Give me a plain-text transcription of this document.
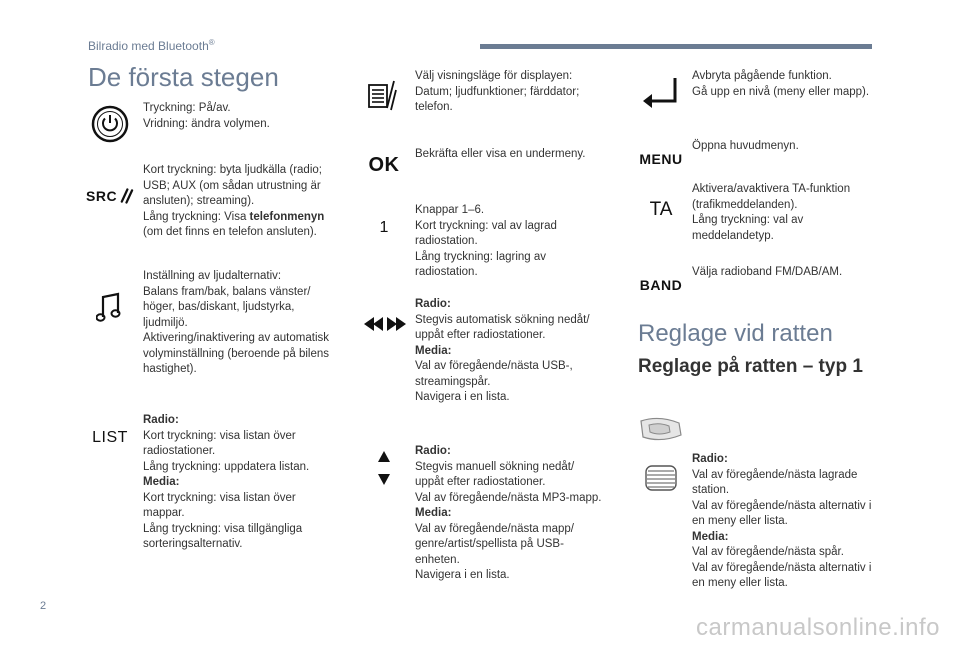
Bilradio med Bluetooth®
De första stegen
Tryckning: På/av.
Vridning: ändra volymen.
SRC
Kort tryckning: byta ljudkälla (radio;
USB; AUX (om sådan utrustning är
ansluten); streaming).
Lång tryckning: Visa telefonmenyn
(om det finns en telefon ansluten).
Inställning av ljudalternativ:
Balans fram/bak, balans vänster/
höger, bas/diskant, ljudstyrka,
ljudmiljö.
Aktivering/inaktivering av automatisk
volyminställning (beroende på bilens
hastighet).
LIST
Radio:
Kort tryckning: visa listan över
radiostationer.
Lång tryckning: uppdatera listan.
Media:
Kort tryckning: visa listan över
mappar.
Lång tryckning: visa tillgängliga
sorteringsalternativ.
Välj visningsläge för displayen:
Datum; ljudfunktioner; färddator;
telefon.
OK Bekräfta eller visa en undermeny.
1
Knappar 1–6.
Kort tryckning: val av lagrad
radiostation.
Lång tryckning: lagring av
radiostation.
Radio:
Stegvis automatisk sökning nedåt/
uppåt efter radiostationer.
Media:
Val av föregående/nästa USB-,
streamingspår.
Navigera i en lista.
Radio:
Stegvis manuell sökning nedåt/
uppåt efter radiostationer.
Val av föregående/nästa MP3-mapp.
Media:
Val av föregående/nästa mapp/
genre/artist/spellista på USB-
enheten.
Navigera i en lista.
Avbryta pågående funktion.
Gå upp en nivå (meny eller mapp).
MENU
Öppna huvudmenyn.
TA
Aktivera/avaktivera TA-funktion
(trafikmeddelanden).
Lång tryckning: val av
meddelandetyp.
BAND
Välja radioband FM/DAB/AM.
Reglage vid ratten
Reglage på ratten – typ 1
Radio:
Val av föregående/nästa lagrade
station.
Val av föregående/nästa alternativ i
en meny eller lista.
Media:
Val av föregående/nästa spår.
Val av föregående/nästa alternativ i
en meny eller lista.
2
carmanualsonline.info
